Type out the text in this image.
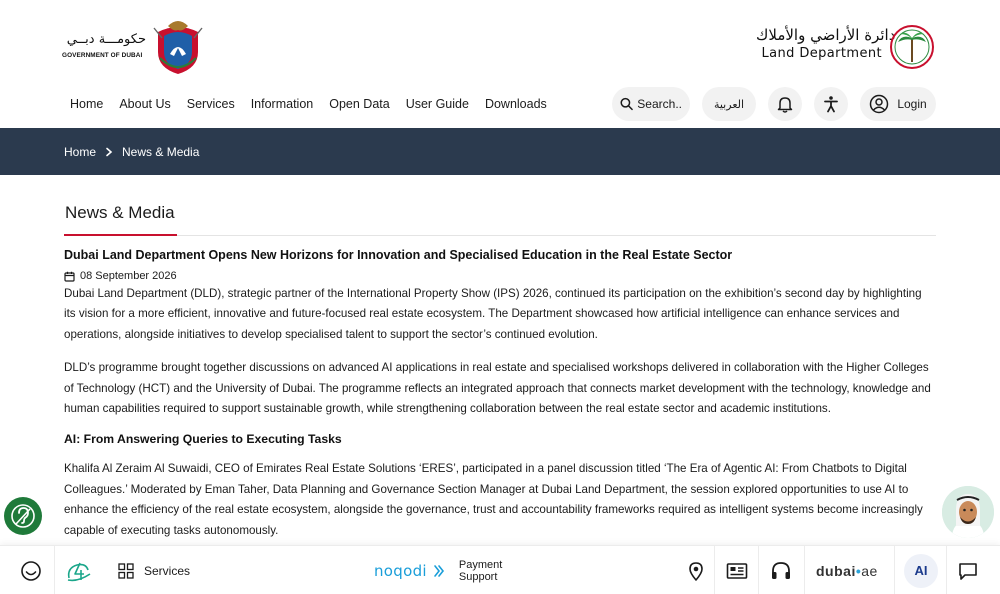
حكومـــة دبــي
GOVERNMENT OF DUBAI
دائرة الأراضي والأملاك
Land Department
Home About Us Services Information Open Data User Guide Downloads	Search..	العربية	Login
Home News & Media
News & Media
Dubai Land Department Opens New Horizons for Innovation and Specialised Education in the Real Estate Sector
08 September 2026

Dubai Land Department (DLD), strategic partner of the International Property Show (IPS) 2026, continued its participation on the exhibition’s second day by highlighting its vision for a more efficient, innovative and future-focused real estate ecosystem. The Department showcased how artificial intelligence can enhance services and operations, alongside initiatives to develop specialised talent to support the sector’s continued evolution.

DLD’s programme brought together discussions on advanced AI applications in real estate and specialised workshops delivered in collaboration with the Higher Colleges of Technology (HCT) and the University of Dubai. The programme reflects an integrated approach that connects market development with the technology, knowledge and human capabilities required to support sustainable growth, while strengthening collaboration between the real estate sector and academic institutions.

AI: From Answering Queries to Executing Tasks

Khalifa Al Zeraim Al Suwaidi, CEO of Emirates Real Estate Solutions ‘ERES’, participated in a panel discussion titled ‘The Era of Agentic AI: From Chatbots to Digital Colleagues.’ Moderated by Eman Taher, Data Planning and Governance Section Manager at Dubai Land Department, the session explored opportunities to use AI to enhance the efficiency of the real estate ecosystem, alongside the governance, trust and accountability frameworks required as intelligent systems become increasingly capable of executing tasks autonomously.

Services	noqodi	Payment
Support	dubai•ae	AI
